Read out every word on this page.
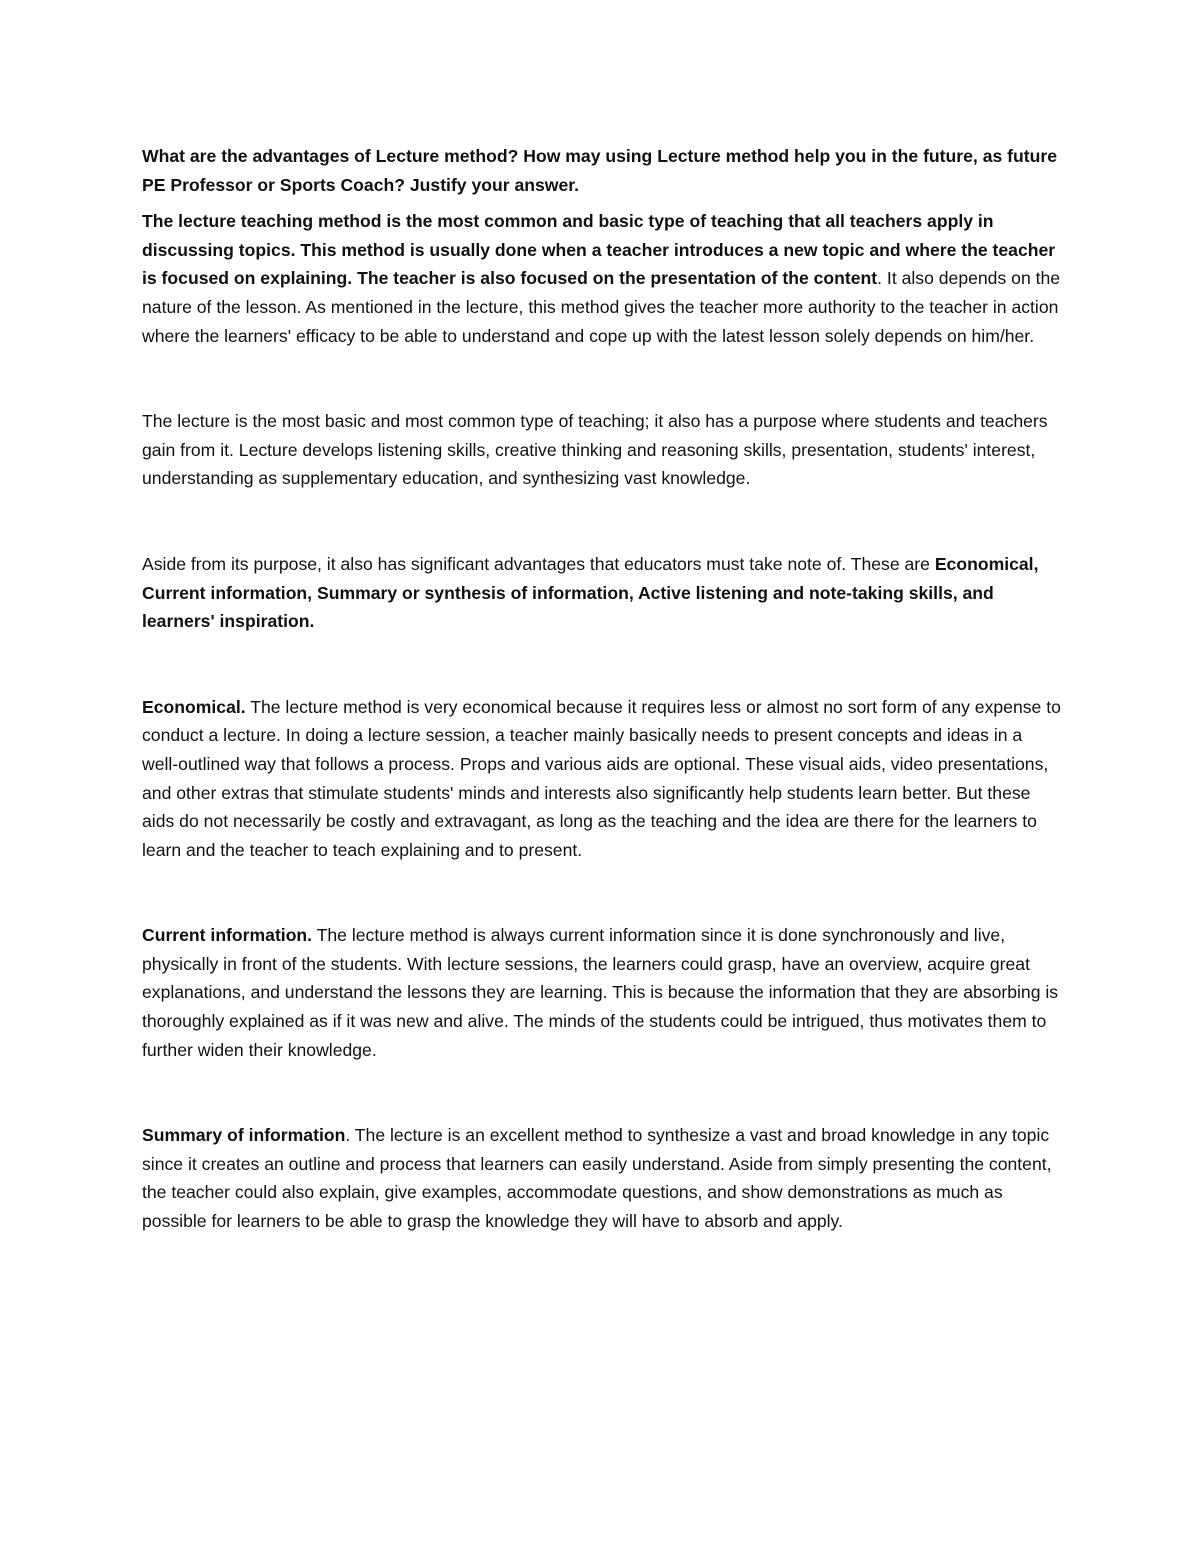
What are the advantages of Lecture method? How may using Lecture method help you in the future, as future PE Professor or Sports Coach? Justify your answer.

The lecture teaching method is the most common and basic type of teaching that all teachers apply in discussing topics. This method is usually done when a teacher introduces a new topic and where the teacher is focused on explaining. The teacher is also focused on the presentation of the content. It also depends on the nature of the lesson. As mentioned in the lecture, this method gives the teacher more authority to the teacher in action where the learners' efficacy to be able to understand and cope up with the latest lesson solely depends on him/her.

The lecture is the most basic and most common type of teaching; it also has a purpose where students and teachers gain from it. Lecture develops listening skills, creative thinking and reasoning skills, presentation, students' interest, understanding as supplementary education, and synthesizing vast knowledge.

Aside from its purpose, it also has significant advantages that educators must take note of. These are Economical, Current information, Summary or synthesis of information, Active listening and note-taking skills, and learners' inspiration.

Economical. The lecture method is very economical because it requires less or almost no sort form of any expense to conduct a lecture. In doing a lecture session, a teacher mainly basically needs to present concepts and ideas in a well-outlined way that follows a process. Props and various aids are optional. These visual aids, video presentations, and other extras that stimulate students' minds and interests also significantly help students learn better. But these aids do not necessarily be costly and extravagant, as long as the teaching and the idea are there for the learners to learn and the teacher to teach explaining and to present.

Current information. The lecture method is always current information since it is done synchronously and live, physically in front of the students. With lecture sessions, the learners could grasp, have an overview, acquire great explanations, and understand the lessons they are learning. This is because the information that they are absorbing is thoroughly explained as if it was new and alive. The minds of the students could be intrigued, thus motivates them to further widen their knowledge.

Summary of information. The lecture is an excellent method to synthesize a vast and broad knowledge in any topic since it creates an outline and process that learners can easily understand. Aside from simply presenting the content, the teacher could also explain, give examples, accommodate questions, and show demonstrations as much as possible for learners to be able to grasp the knowledge they will have to absorb and apply.
